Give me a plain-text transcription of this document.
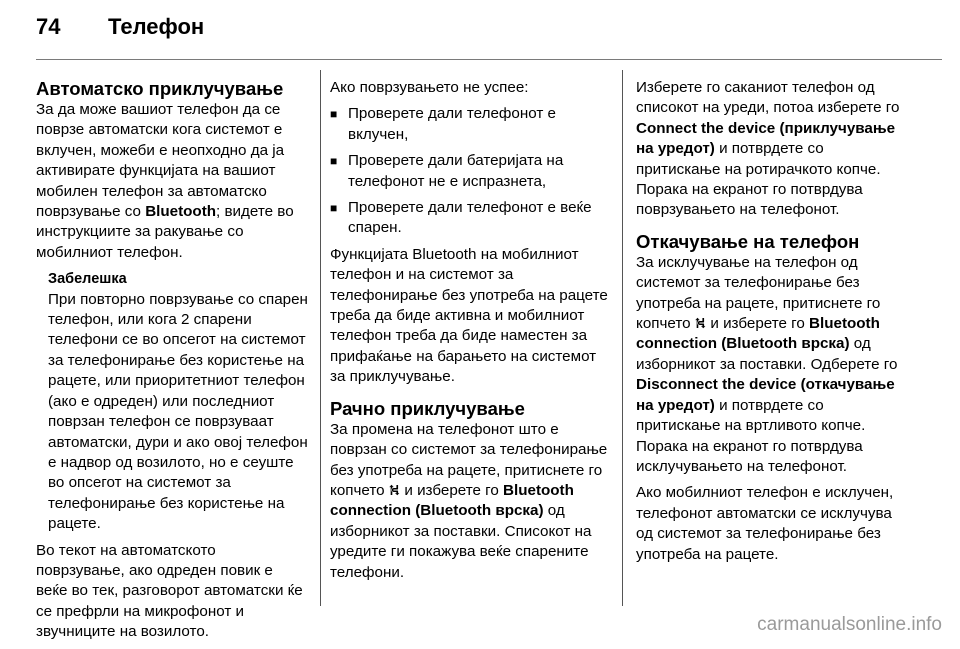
74 Телефон
Автоматско приклучување

За да може вашиот телефон да се поврзе автоматски кога системот е вклучен, можеби е неопходно да ја активирате функцијата на вашиот мобилен телефон за автоматско поврзување со Bluetooth; видете во инструкциите за ракување со мобилниот телефон.

Забелешка

При повторно поврзување со спарен телефон, или кога 2 спарени телефони се во опсегот на системот за телефонирање без користење на рацете, или приоритетниот телефон (ако е одреден) или последниот поврзан телефон се поврзуваат автоматски, дури и ако овој телефон е надвор од возилото, но е сеуште во опсегот на системот за телефонирање без користење на рацете.

Во текот на автоматското поврзување, ако одреден повик е веќе во тек, разговорот автоматски ќе се префрли на микрофонот и звучниците на возилото.

Ако поврзувањето не успее:

■ Проверете дали телефонот е вклучен,
■ Проверете дали батеријата на телефонот не е испразнета,
■ Проверете дали телефонот е веќе спарен.

Функцијата Bluetooth на мобилниот телефон и на системот за телефонирање без употреба на рацете треба да биде активна и мобилниот телефон треба да биде наместен за прифаќање на барањето на системот за приклучување.

Рачно приклучување

За промена на телефонот што е поврзан со системот за телефонирање без употреба на рацете, притиснете го копчето ⛕ и изберете го Bluetooth connection (Bluetooth врска) од изборникот за поставки. Списокот на уредите ги покажува веќе спарените телефони.

Изберете го саканиот телефон од списокот на уреди, потоа изберете го Connect the device (приклучување на уредот) и потврдете со притискање на ротирачкото копче. Порака на екранот го потврдува поврзувањето на телефонот.

Откачување на телефон

За исклучување на телефон од системот за телефонирање без употреба на рацете, притиснете го копчето ⛕ и изберете го Bluetooth connection (Bluetooth врска) од изборникот за поставки. Одберете го Disconnect the device (откачување на уредот) и потврдете со притискање на вртливото копче. Порака на екранот го потврдува исклучувањето на телефонот.

Ако мобилниот телефон е исклучен, телефонот автоматски се исклучува од системот за телефонирање без употреба на рацете.

carmanualsonline.info
